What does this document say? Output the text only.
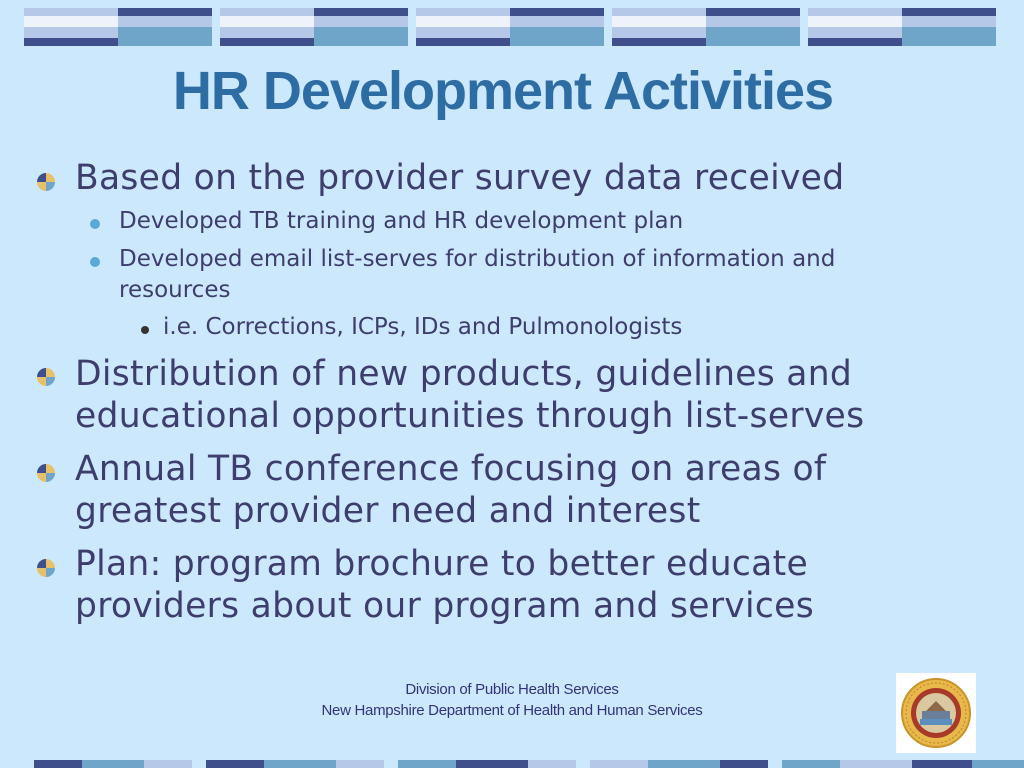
HR Development Activities

Based on the provider survey data received

Developed TB training and HR development plan

Developed email list-serves for distribution of information and

resources

i.e. Corrections, ICPs, IDs and Pulmonologists

Distribution of new products, guidelines and

educational opportunities through list-serves

Annual TB conference focusing on areas of

greatest provider need and interest

Plan: program brochure to better educate

providers about our program and services

Division of Public Health Services
New Hampshire Department of Health and Human Services
